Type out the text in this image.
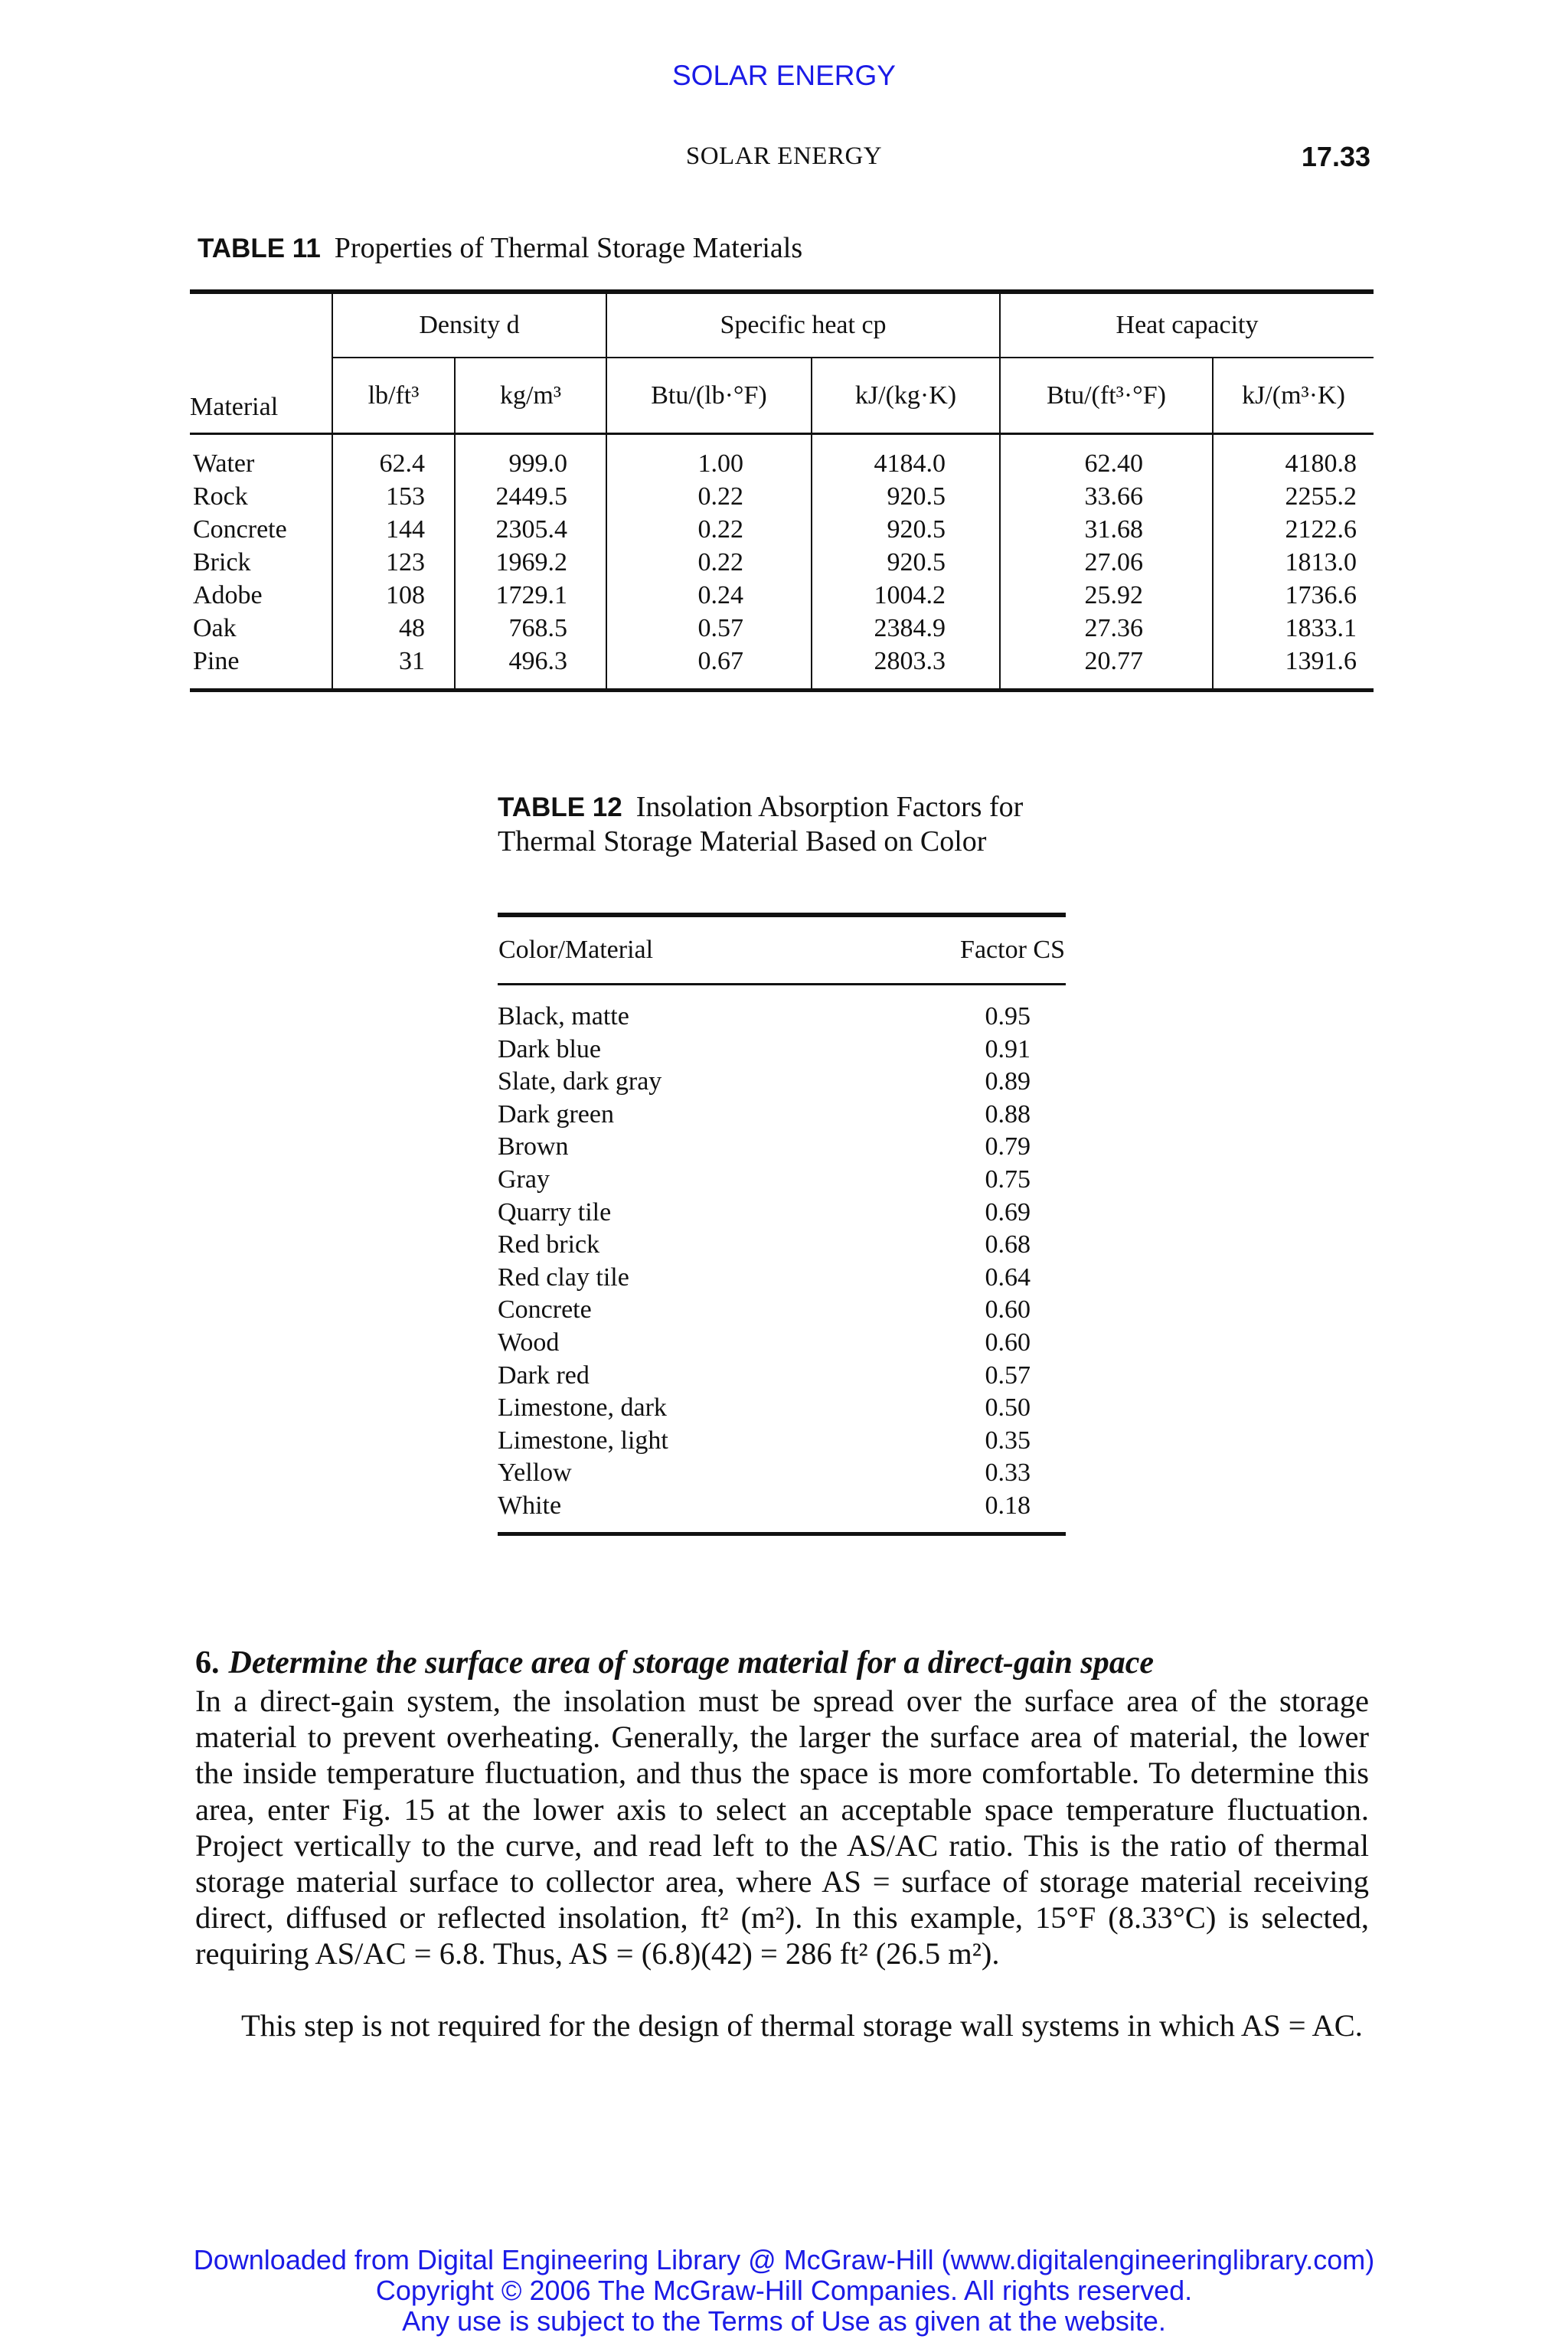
SOLAR ENERGY
SOLAR ENERGY	17.33
TABLE 11 Properties of Thermal Storage Materials
	Density d		Specific heat cp		Heat capacity	
Material	lb/ft³	kg/m³	Btu/(lb·°F)	kJ/(kg·K)	Btu/(ft³·°F)	kJ/(m³·K)

Water	62.4	999.0	1.00	4184.0	62.40	4180.8
Rock	153	2449.5	0.22	920.5	33.66	2255.2
Concrete	144	2305.4	0.22	920.5	31.68	2122.6
Brick	123	1969.2	0.22	920.5	27.06	1813.0
Adobe	108	1729.1	0.24	1004.2	25.92	1736.6
Oak	48	768.5	0.57	2384.9	27.36	1833.1
Pine	31	496.3	0.67	2803.3	20.77	1391.6
TABLE 12 Insolation Absorption Factors for Thermal Storage Material Based on Color
Color/Material	Factor CS

Black, matte	0.95
Dark blue	0.91
Slate, dark gray	0.89
Dark green	0.88
Brown	0.79
Gray	0.75
Quarry tile	0.69
Red brick	0.68
Red clay tile	0.64
Concrete	0.60
Wood	0.60
Dark red	0.57
Limestone, dark	0.50
Limestone, light	0.35
Yellow	0.33
White	0.18
6. Determine the surface area of storage material for a direct-gain space
In a direct-gain system, the insolation must be spread over the surface area of the storage material to prevent overheating. Generally, the larger the surface area of material, the lower the inside temperature fluctuation, and thus the space is more comfortable. To determine this area, enter Fig. 15 at the lower axis to select an acceptable space temperature fluctuation. Project vertically to the curve, and read left to the AS/AC ratio. This is the ratio of thermal storage material surface to collector area, where AS = surface of storage material receiving direct, diffused or reflected insolation, ft² (m²). In this example, 15°F (8.33°C) is selected, requiring AS/AC = 6.8. Thus, AS = (6.8)(42) = 286 ft² (26.5 m²).
This step is not required for the design of thermal storage wall systems in which AS = AC.
Downloaded from Digital Engineering Library @ McGraw-Hill (www.digitalengineeringlibrary.com)
Copyright © 2006 The McGraw-Hill Companies. All rights reserved.
Any use is subject to the Terms of Use as given at the website.
